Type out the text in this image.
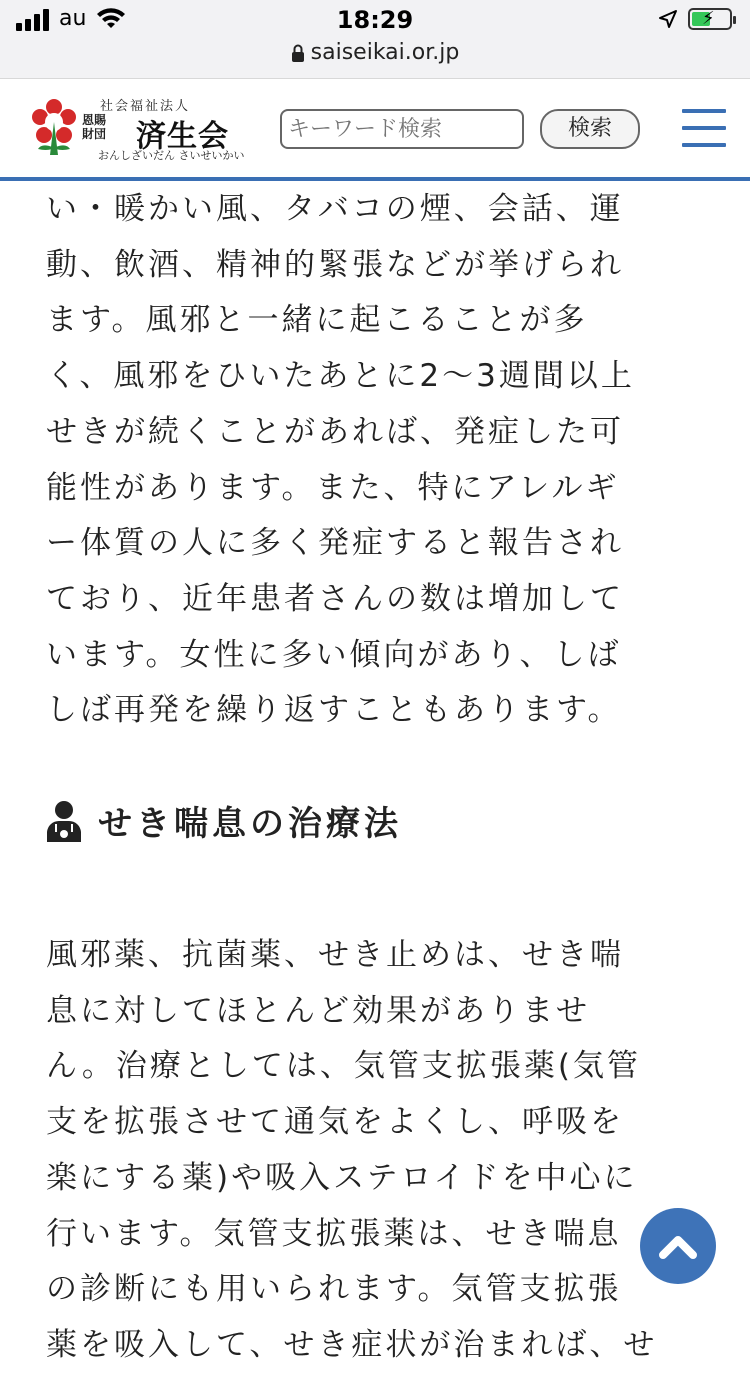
au	18:29
saiseikai.or.jp
⚡
社会福祉法人
恩賜
財団 済生会
おんしざいだん さいせいかい
キーワード検索
検索

い・暖かい風、タバコの煙、会話、運
動、飲酒、精神的緊張などが挙げられ
ます。風邪と一緒に起こることが多
く、風邪をひいたあとに2〜3週間以上
せきが続くことがあれば、発症した可
能性があります。また、特にアレルギ
ー体質の人に多く発症すると報告され
ており、近年患者さんの数は増加して
います。女性に多い傾向があり、しば
しば再発を繰り返すこともあります。

せき喘息の治療法

風邪薬、抗菌薬、せき止めは、せき喘
息に対してほとんど効果がありませ
ん。治療としては、気管支拡張薬(気管
支を拡張させて通気をよくし、呼吸を
楽にする薬)や吸入ステロイドを中心に
行います。気管支拡張薬は、せき喘息
の診断にも用いられます。気管支拡張
薬を吸入して、せき症状が治まれば、せ
